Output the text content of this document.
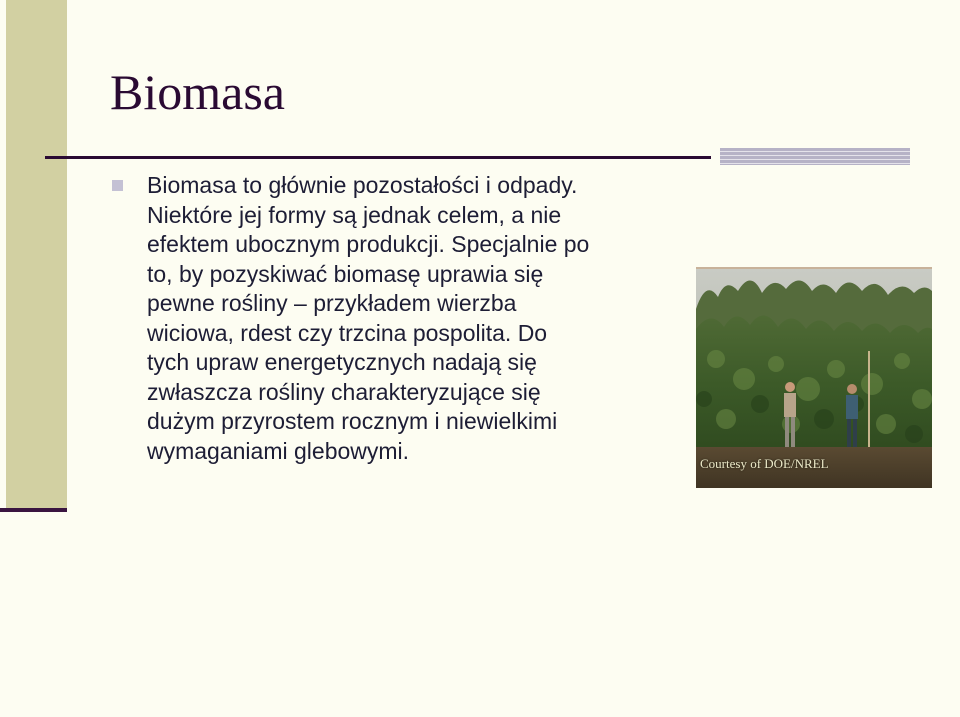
Biomasa

Biomasa to głównie pozostałości i odpady. Niektóre jej formy są jednak celem, a nie efektem ubocznym produkcji. Specjalnie po to, by pozyskiwać biomasę uprawia się pewne rośliny – przykładem wierzba wiciowa, rdest czy trzcina pospolita. Do tych upraw energetycznych nadają się zwłaszcza rośliny charakteryzujące się dużym przyrostem rocznym i niewielkimi wymaganiami glebowymi.	Courtesy of DOE/NREL
